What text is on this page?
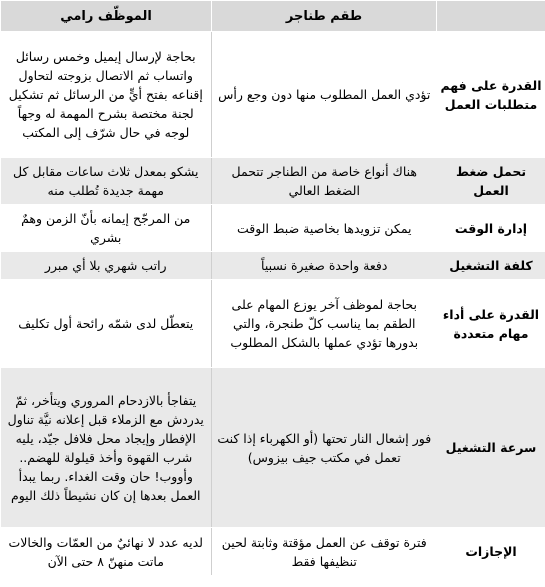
	طقم طناجر	الموظّف رامي
القدرة على فهم متطلبات العمل	تؤدي العمل المطلوب منها دون وجع رأس	بحاجة لإرسال إيميل وخمس رسائل واتساب ثم الاتصال بزوجته لتحاول إقناعه بفتح أيٍّ من الرسائل ثم تشكيل لجنة مختصة بشرح المهمة له وجهاً لوجه في حال شرّف إلى المكتب
تحمل ضغط العمل	هناك أنواع خاصة من الطناجر تتحمل الضغط العالي	يشكو بمعدل ثلاث ساعات مقابل كل مهمة جديدة تُطلب منه
إدارة الوقت	يمكن تزويدها بخاصية ضبط الوقت	من المرجّح إيمانه بأنّ الزمن وهمٌ بشري
كلفة التشغيل	دفعة واحدة صغيرة نسبياً	راتب شهري بلا أي مبرر
القدرة على أداء مهام متعددة	بحاجة لموظف آخر يوزع المهام على الطقم بما يناسب كلّ طنجرة، والتي بدورها تؤدي عملها بالشكل المطلوب	يتعطّل لدى شمّه رائحة أول تكليف
سرعة التشغيل	فور إشعال النار تحتها (أو الكهرباء إذا كنت تعمل في مكتب جيف بيزوس)	يتفاجأ بالازدحام المروري ويتأخر، ثمّ يدردش مع الزملاء قبل إعلانه نيَّة تناول الإفطار وإيجاد محل فلافل جيّد، يليه شرب القهوة وأخذ قيلولة للهضم.. وأووب! حان وقت الغداء. ربما يبدأ العمل بعدها إن كان نشيطاً ذلك اليوم
الإجازات	فترة توقف عن العمل مؤقتة وثابتة لحين تنظيفها فقط	لديه عدد لا نهائيٌ من العمّات والخالات ماتت منهنّ ٨ حتى الآن
